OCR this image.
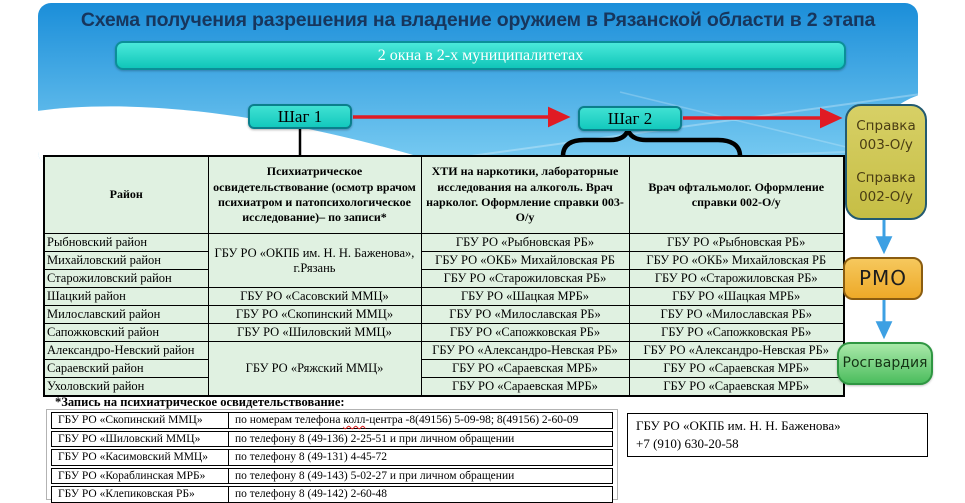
Схема получения разрешения на владение оружием в Рязанской области в 2 этапа
2 окна в 2-х муниципалитетах
Шаг 1	Шаг 2
Район	Психиатрическое освидетельствование (осмотр врачом психиатром и патопсихологическое исследование)– по записи*	ХТИ на наркотики, лабораторные исследования на алкоголь. Врач нарколог. Оформление справки 003-О/у	Врач офтальмолог. Оформление справки 002-О/у
Рыбновский район	ГБУ РО «ОКПБ им. Н. Н. Баженова», г.Рязань	ГБУ РО «Рыбновская РБ»	ГБУ РО «Рыбновская РБ»
Михайловский район		ГБУ РО «ОКБ» Михайловская РБ	ГБУ РО «ОКБ» Михайловская РБ
Старожиловский район		ГБУ РО «Старожиловская РБ»	ГБУ РО «Старожиловская РБ»
Шацкий район	ГБУ РО «Сасовский ММЦ»	ГБУ РО «Шацкая МРБ»	ГБУ РО «Шацкая МРБ»
Милославский район	ГБУ РО «Скопинский ММЦ»	ГБУ РО «Милославская РБ»	ГБУ РО «Милославская РБ»
Сапожковский район	ГБУ РО «Шиловский ММЦ»	ГБУ РО «Сапожковская РБ»	ГБУ РО «Сапожковская РБ»
Александро-Невский район	ГБУ РО «Ряжский ММЦ»	ГБУ РО «Александро-Невская РБ»	ГБУ РО «Александро-Невская РБ»
Сараевский район		ГБУ РО «Сараевская МРБ»	ГБУ РО «Сараевская МРБ»
Ухоловский район		ГБУ РО «Сараевская МРБ»	ГБУ РО «Сараевская МРБ»
*Запись на психиатрическое освидетельствование:
ГБУ РО «Скопинский ММЦ»	по номерам телефона колл-центра -8(49156) 5-09-98; 8(49156) 2-60-09
ГБУ РО «Шиловский ММЦ»	по телефону 8 (49-136) 2-25-51 и при личном обращении
ГБУ РО «Касимовский ММЦ»	по телефону 8 (49-131) 4-45-72
ГБУ РО «Кораблинская МРБ»	по телефону 8 (49-143) 5-02-27 и при личном обращении
ГБУ РО «Клепиковская РБ»	по телефону 8 (49-142) 2-60-48
ГБУ РО «ОКПБ им. Н. Н. Баженова»
+7 (910) 630-20-58
Справка 003-О/у
Справка 002-О/у
РМО
Росгвардия
